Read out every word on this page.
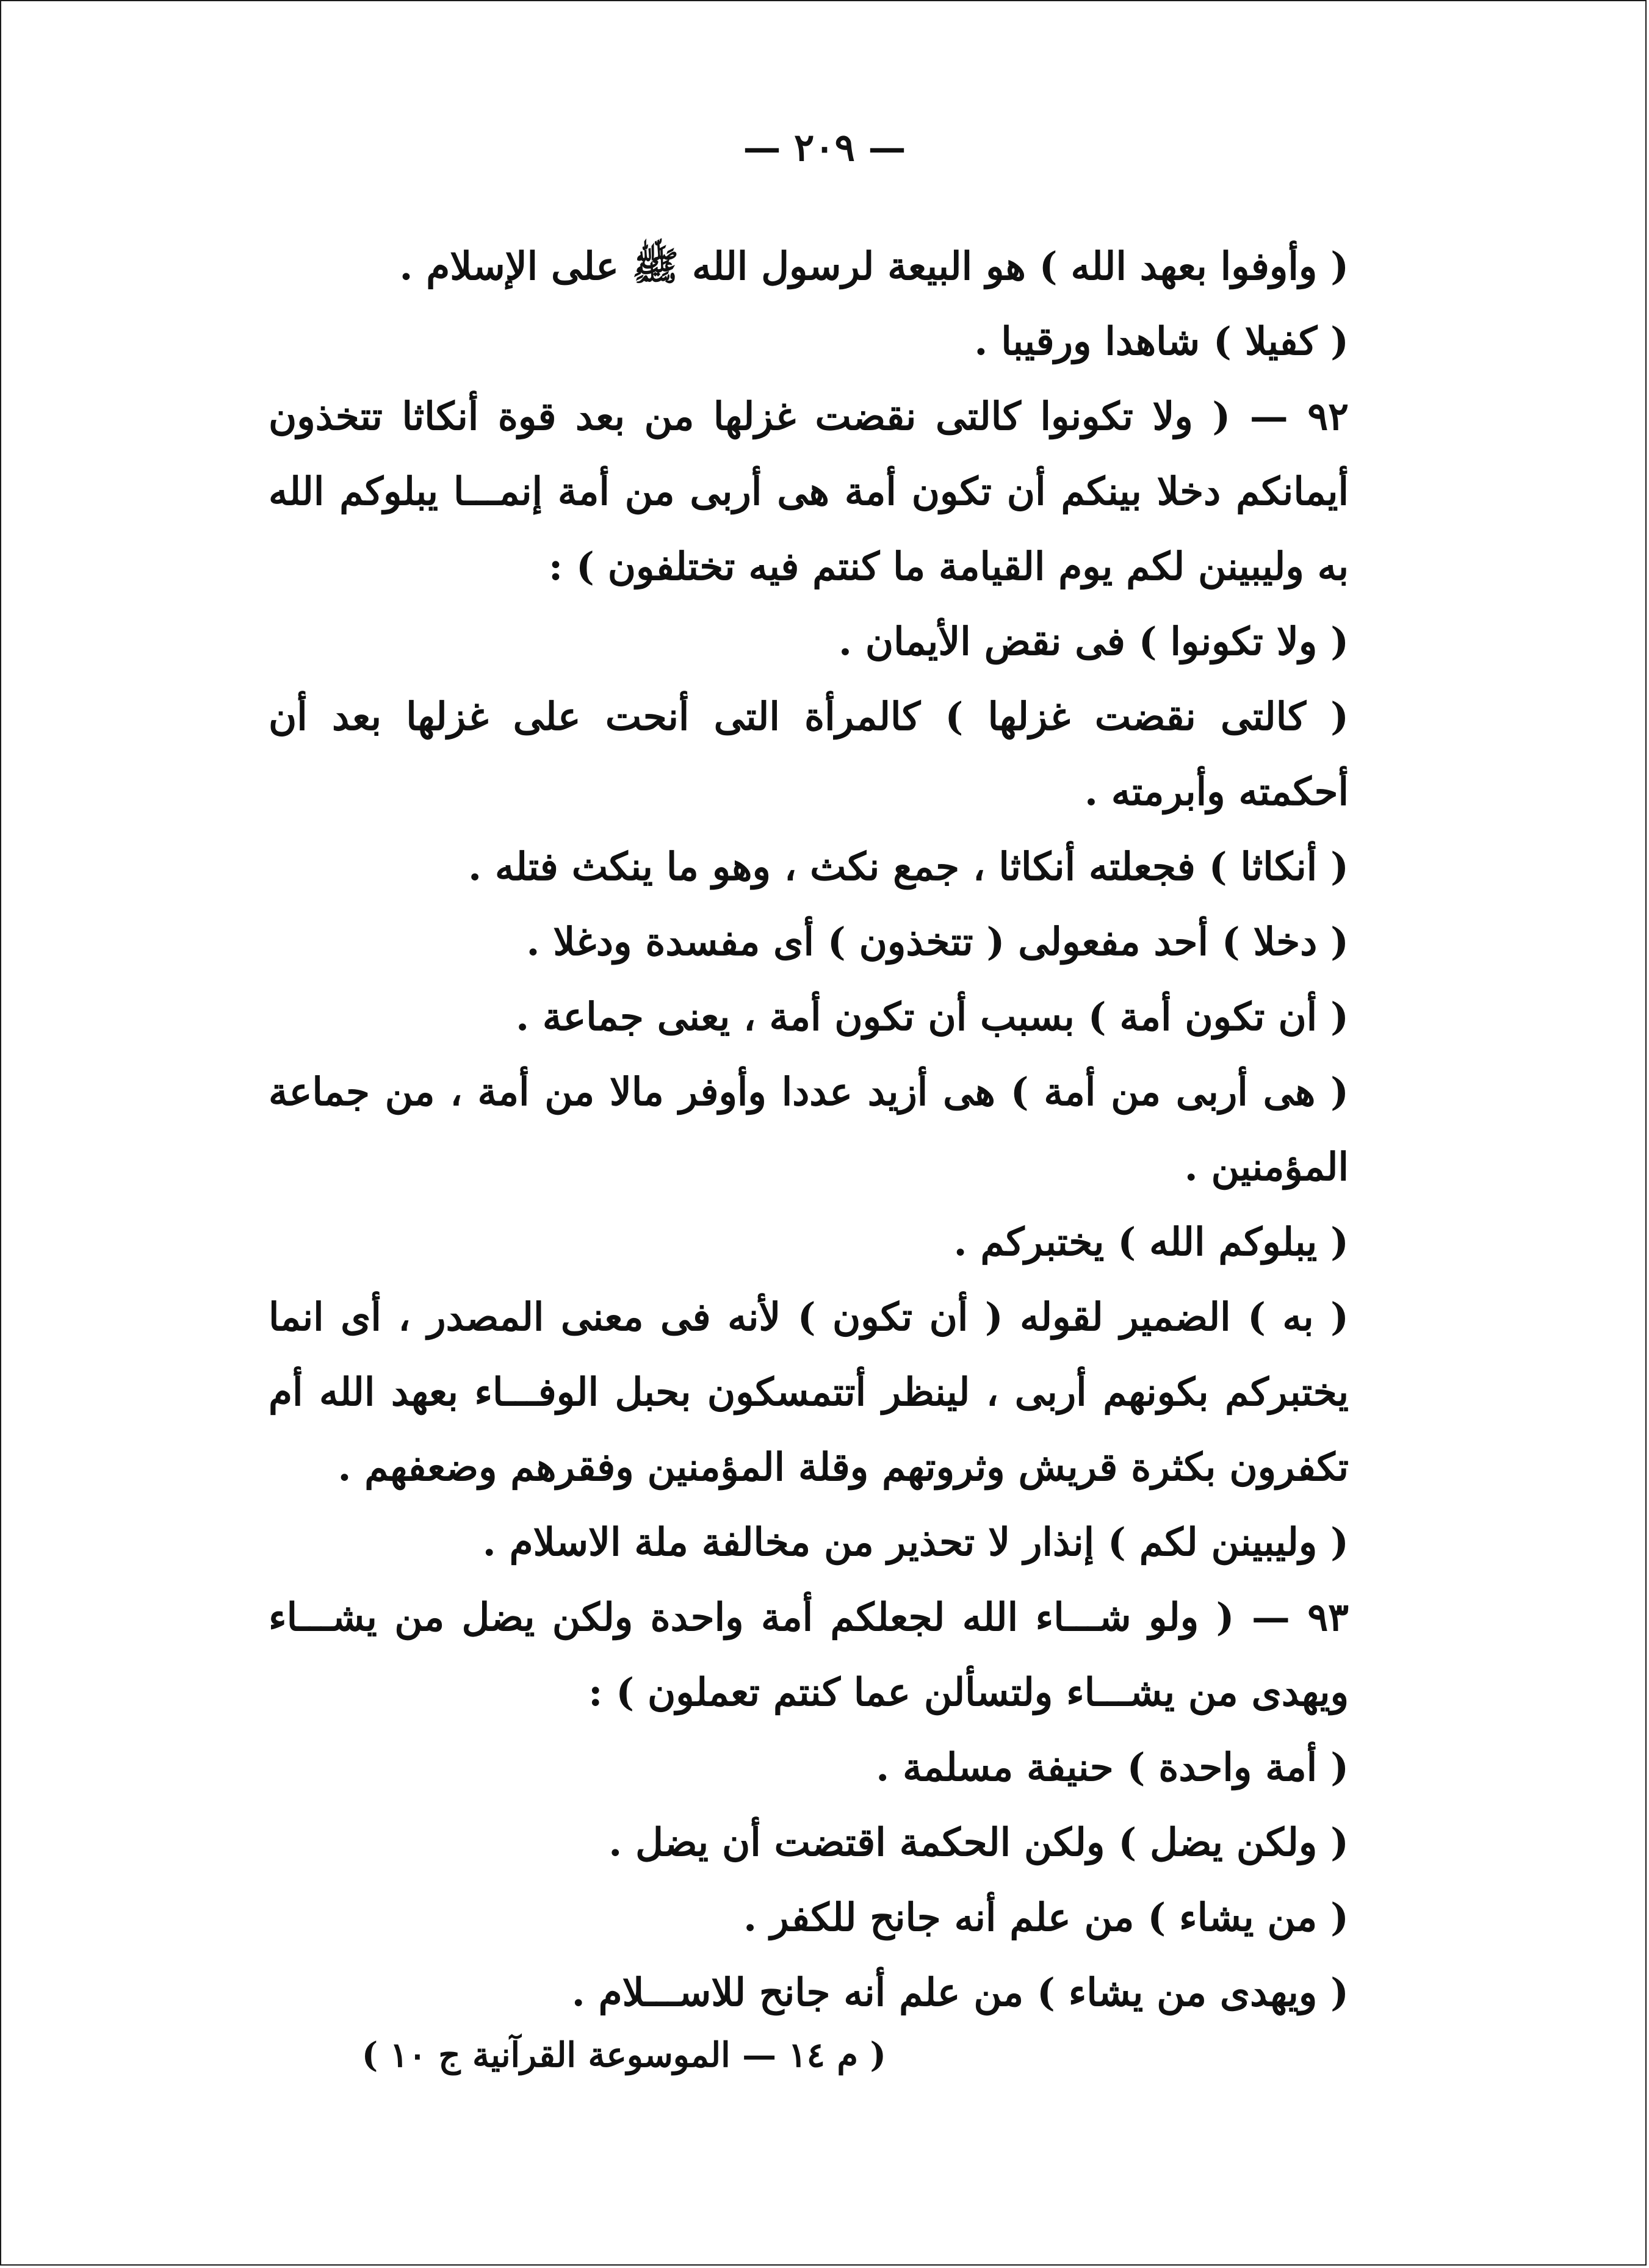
— ٢٠٩ —

( وأوفوا بعهد الله ) هو البيعة لرسول الله ﷺ على الإسلام .

( كفيلا ) شاهدا ورقيبا .

٩٢ — ( ولا تكونوا كالتى نقضت غزلها من بعد قوة أنكاثا تتخذون أيمانكم دخلا بينكم أن تكون أمة هى أربى من أمة إنمـــا يبلوكم الله به وليبينن لكم يوم القيامة ما كنتم فيه تختلفون ) :

( ولا تكونوا ) فى نقض الأيمان .

( كالتى نقضت غزلها ) كالمرأة التى أنحت على غزلها بعد أن أحكمته وأبرمته .

( أنكاثا ) فجعلته أنكاثا ، جمع نكث ، وهو ما ينكث فتله .

( دخلا ) أحد مفعولى ( تتخذون ) أى مفسدة ودغلا .

( أن تكون أمة ) بسبب أن تكون أمة ، يعنى جماعة .

( هى أربى من أمة ) هى أزيد عددا وأوفر مالا من أمة ، من جماعة المؤمنين .

( يبلوكم الله ) يختبركم .

( به ) الضمير لقوله ( أن تكون ) لأنه فى معنى المصدر ، أى انما يختبركم بكونهم أربى ، لينظر أتتمسكون بحبل الوفـــاء بعهد الله أم تكفرون بكثرة قريش وثروتهم وقلة المؤمنين وفقرهم وضعفهم .

( وليبينن لكم ) إنذار لا تحذير من مخالفة ملة الاسلام .

٩٣ — ( ولو شـــاء الله لجعلكم أمة واحدة ولكن يضل من يشـــاء ويهدى من يشـــاء ولتسألن عما كنتم تعملون ) :

( أمة واحدة ) حنيفة مسلمة .

( ولكن يضل ) ولكن الحكمة اقتضت أن يضل .

( من يشاء ) من علم أنه جانح للكفر .

( ويهدى من يشاء ) من علم أنه جانح للاســـلام .

( م ١٤ — الموسوعة القرآنية ج ١٠ )
